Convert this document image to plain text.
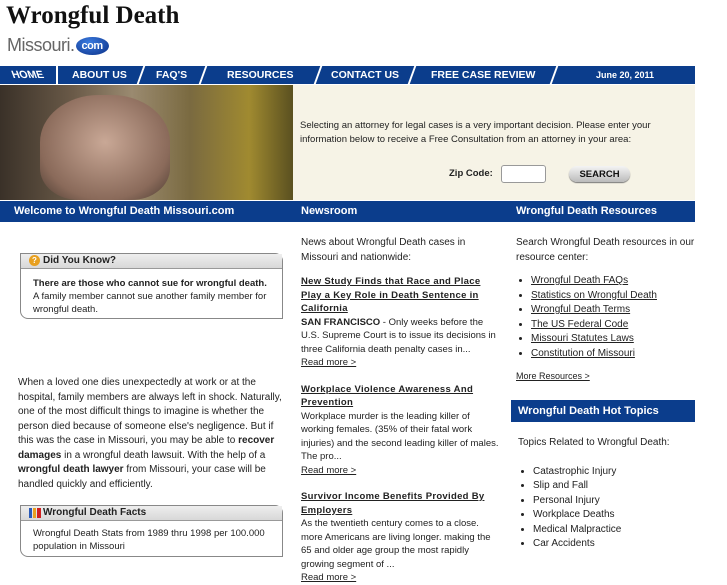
Wrongful Death
Missouri. com
HOME	ABOUT US	FAQ'S	RESOURCES	CONTACT US	FREE CASE REVIEW	June 20, 2011
Selecting an attorney for legal cases is a very important decision. Please enter your information below to receive a Free Consultation from an attorney in your area:
Zip Code:	SEARCH
Welcome to Wrongful Death Missouri.com	Newsroom	Wrongful Death Resources
? Did You Know?
There are those who cannot sue for wrongful death.
A family member cannot sue another family member for wrongful death.
When a loved one dies unexpectedly at work or at the hospital, family members are always left in shock. Naturally, one of the most difficult things to imagine is whether the person died because of someone else's negligence. But if this was the case in Missouri, you may be able to recover damages in a wrongful death lawsuit. With the help of a wrongful death lawyer from Missouri, your case will be handled quickly and efficiently.
Wrongful Death Facts
Wrongful Death Stats from 1989 thru 1998 per 100.000 population in Missouri
News about Wrongful Death cases in Missouri and nationwide:
New Study Finds that Race and Place Play a Key Role in Death Sentence in California
SAN FRANCISCO - Only weeks before the U.S. Supreme Court is to issue its decisions in three California death penalty cases in...
Read more >
Workplace Violence Awareness And Prevention
Workplace murder is the leading killer of working females. (35% of their fatal work injuries) and the second leading killer of males. The pro...
Read more >
Survivor Income Benefits Provided By Employers
As the twentieth century comes to a close. more Americans are living longer. making the 65 and older age group the most rapidly growing segment of ...
Read more >
Search Wrongful Death resources in our resource center:
• Wrongful Death FAQs
• Statistics on Wrongful Death
• Wrongful Death Terms
• The US Federal Code
• Missouri Statutes Laws
• Constitution of Missouri
More Resources >
Wrongful Death Hot Topics
Topics Related to Wrongful Death:
• Catastrophic Injury
• Slip and Fall
• Personal Injury
• Workplace Deaths
• Medical Malpractice
• Car Accidents
